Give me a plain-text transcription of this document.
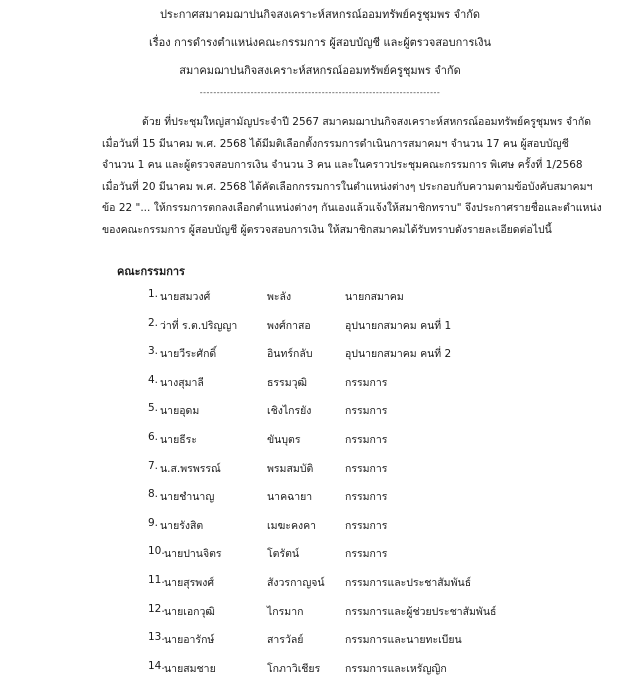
ประกาศสมาคมฌาปนกิจสงเคราะห์สหกรณ์ออมทรัพย์ครูชุมพร จำกัด
เรื่อง การดำรงตำแหน่งคณะกรรมการ ผู้สอบบัญชี และผู้ตรวจสอบการเงิน
สมาคมฌาปนกิจสงเคราะห์สหกรณ์ออมทรัพย์ครูชุมพร จำกัด
-----------------------------------------------------------------------
ด้วย ที่ประชุมใหญ่สามัญประจำปี 2567 สมาคมฌาปนกิจสงเคราะห์สหกรณ์ออมทรัพย์ครูชุมพร จำกัด
เมื่อวันที่ 15 มีนาคม พ.ศ. 2568 ได้มีมติเลือกตั้งกรรมการดำเนินการสมาคมฯ จำนวน 17 คน ผู้สอบบัญชี
จำนวน 1 คน และผู้ตรวจสอบการเงิน จำนวน 3 คน และในคราวประชุมคณะกรรมการ พิเศษ ครั้งที่ 1/2568
เมื่อวันที่ 20 มีนาคม พ.ศ. 2568 ได้คัดเลือกกรรมการในตำแหน่งต่างๆ ประกอบกับความตามข้อบังคับสมาคมฯ
ข้อ 22 "... ให้กรรมการตกลงเลือกตำแหน่งต่างๆ กันเองแล้วแจ้งให้สมาชิกทราบ" จึงประกาศรายชื่อและตำแหน่ง
ของคณะกรรมการ ผู้สอบบัญชี ผู้ตรวจสอบการเงิน ให้สมาชิกสมาคมได้รับทราบดังรายละเอียดต่อไปนี้
คณะกรรมการ
1. นายสมวงศ์	พะลัง	นายกสมาคม
2. ว่าที่ ร.ต.ปริญญา	พงศ์กาสอ	อุปนายกสมาคม คนที่ 1
3. นายวีระศักดิ์	อินทร์กลับ	อุปนายกสมาคม คนที่ 2
4. นางสุมาลี	ธรรมวุฒิ	กรรมการ
5. นายอุดม	เชิงไกรยัง	กรรมการ
6. นายธีระ	ขันบุตร	กรรมการ
7. น.ส.พรพรรณ์	พรมสมบัติ	กรรมการ
8. นายชำนาญ	นาคฉายา	กรรมการ
9. นายรังสิต	เมฆะคงคา	กรรมการ
10. นายปานจิตร	โตรัตน์	กรรมการ
11. นายสุรพงศ์	สังวรกาญจน์ กรรมการและประชาสัมพันธ์
12. นายเอกวุฒิ	ไกรมาก	กรรมการและผู้ช่วยประชาสัมพันธ์
13. นายอารักษ์	สารวัลย์	กรรมการและนายทะเบียน
14. นายสมชาย	โกภาวิเชียร กรรมการและเหรัญญิก
